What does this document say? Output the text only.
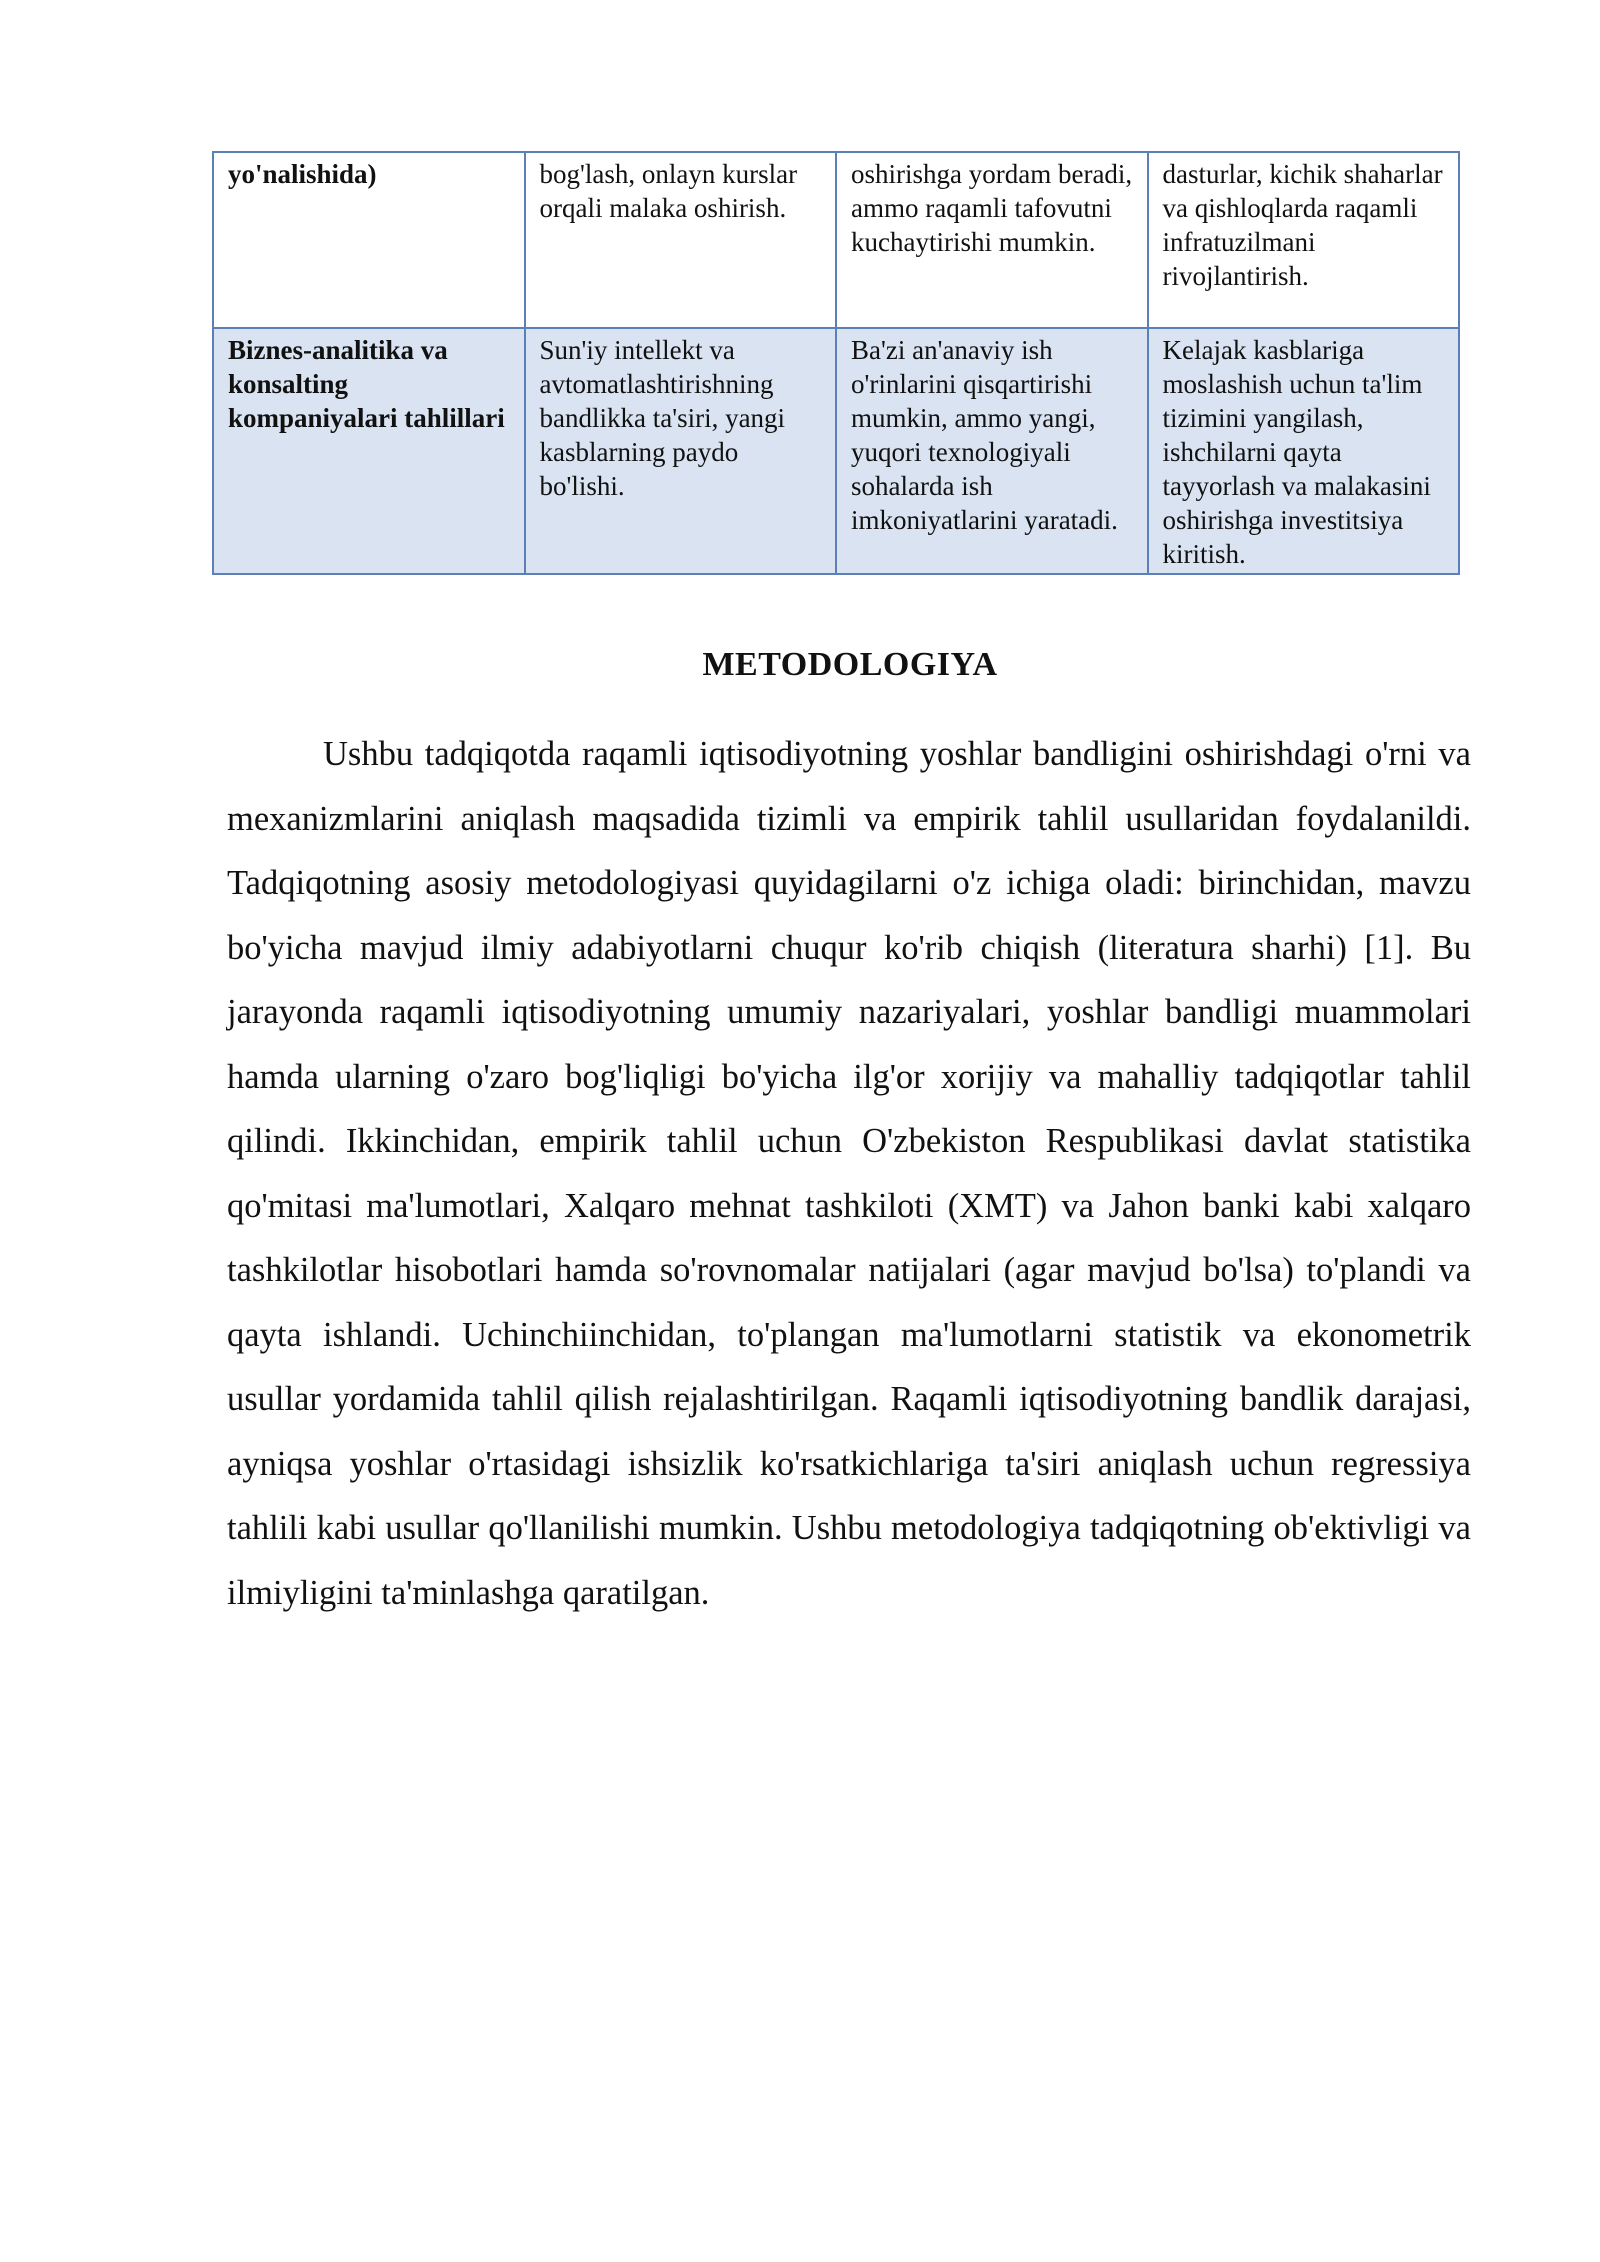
yo'nalishida)	bog'lash, onlayn kurslar orqali malaka oshirish.	oshirishga yordam beradi, ammo raqamli tafovutni kuchaytirishi mumkin.	dasturlar, kichik shaharlar va qishloqlarda raqamli infratuzilmani rivojlantirish.
Biznes-analitika va konsalting kompaniyalari tahlillari	Sun'iy intellekt va avtomatlashtirishning bandlikka ta'siri, yangi kasblarning paydo bo'lishi.	Ba'zi an'anaviy ish o'rinlarini qisqartirishi mumkin, ammo yangi, yuqori texnologiyali sohalarda ish imkoniyatlarini yaratadi.	Kelajak kasblariga moslashish uchun ta'lim tizimini yangilash, ishchilarni qayta tayyorlash va malakasini oshirishga investitsiya kiritish.
METODOLOGIYA

Ushbu tadqiqotda raqamli iqtisodiyotning yoshlar bandligini oshirishdagi o'rni va mexanizmlarini aniqlash maqsadida tizimli va empirik tahlil usullaridan foydalanildi. Tadqiqotning asosiy metodologiyasi quyidagilarni o'z ichiga oladi: birinchidan, mavzu bo'yicha mavjud ilmiy adabiyotlarni chuqur ko'rib chiqish (literatura sharhi) [1]. Bu jarayonda raqamli iqtisodiyotning umumiy nazariyalari, yoshlar bandligi muammolari hamda ularning o'zaro bog'liqligi bo'yicha ilg'or xorijiy va mahalliy tadqiqotlar tahlil qilindi. Ikkinchidan, empirik tahlil uchun O'zbekiston Respublikasi davlat statistika qo'mitasi ma'lumotlari, Xalqaro mehnat tashkiloti (XMT) va Jahon banki kabi xalqaro tashkilotlar hisobotlari hamda so'rovnomalar natijalari (agar mavjud bo'lsa) to'plandi va qayta ishlandi. Uchinchiinchidan, to'plangan ma'lumotlarni statistik va ekonometrik usullar yordamida tahlil qilish rejalashtirilgan. Raqamli iqtisodiyotning bandlik darajasi, ayniqsa yoshlar o'rtasidagi ishsizlik ko'rsatkichlariga ta'siri aniqlash uchun regressiya tahlili kabi usullar qo'llanilishi mumkin. Ushbu metodologiya tadqiqotning ob'ektivligi va ilmiyligini ta'minlashga qaratilgan.
